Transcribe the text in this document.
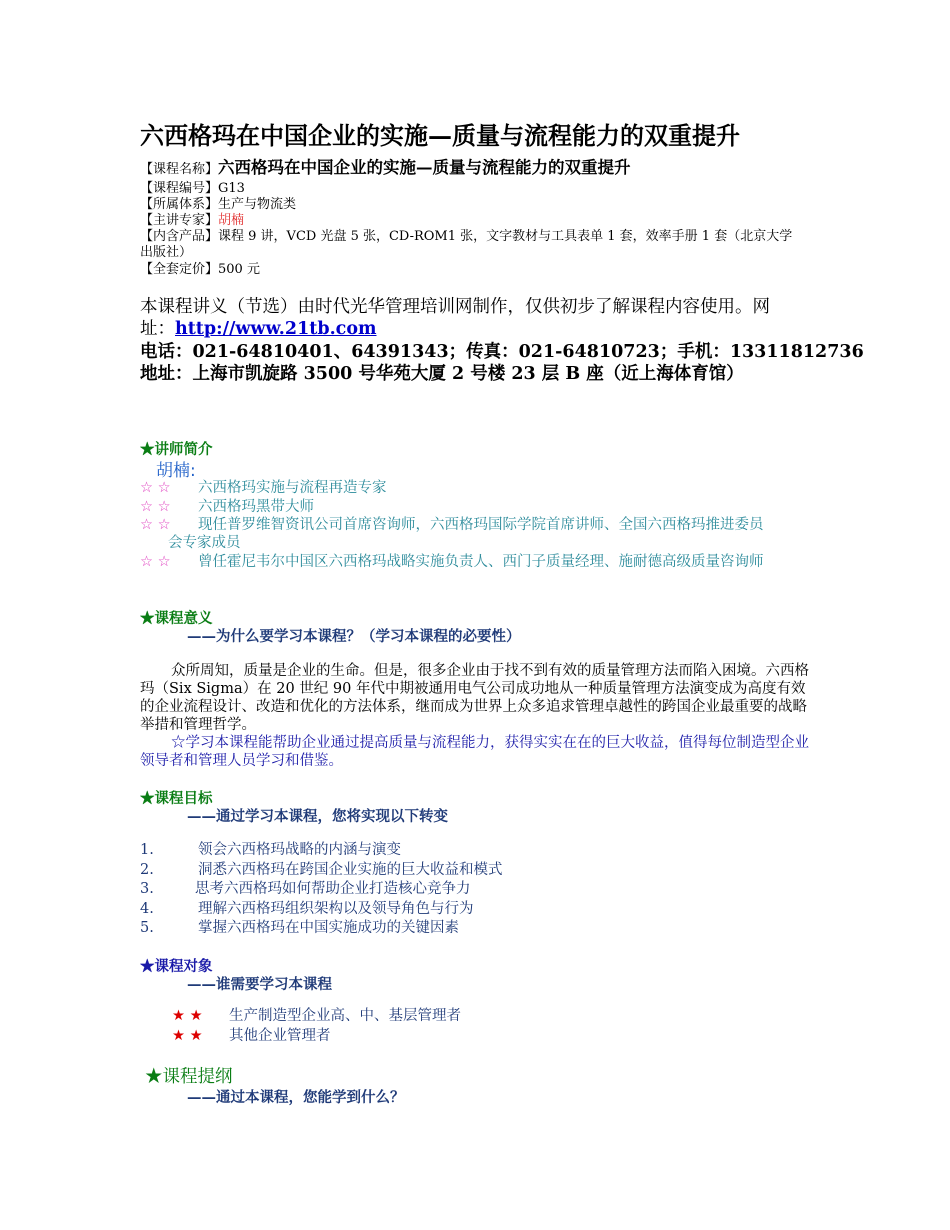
六西格玛在中国企业的实施—质量与流程能力的双重提升
【课程名称】六西格玛在中国企业的实施—质量与流程能力的双重提升
【课程编号】G13
【所属体系】生产与物流类
【主讲专家】胡楠
【内含产品】课程 9 讲，VCD 光盘 5 张，CD-ROM1 张，文字教材与工具表单 1 套，效率手册 1 套（北京大学
出版社）
【全套定价】500 元
本课程讲义（节选）由时代光华管理培训网制作，仅供初步了解课程内容使用。网
址：http://www.21tb.com
电话：021-64810401、64391343；传真：021-64810723；手机：13311812736
地址：上海市凯旋路 3500 号华苑大厦 2 号楼 23 层 B 座（近上海体育馆）
★讲师简介
胡楠:
☆ ☆ 六西格玛实施与流程再造专家
☆ ☆ 六西格玛黑带大师
☆ ☆ 现任普罗维智资讯公司首席咨询师，六西格玛国际学院首席讲师、全国六西格玛推进委员
会专家成员
☆ ☆ 曾任霍尼韦尔中国区六西格玛战略实施负责人、西门子质量经理、施耐德高级质量咨询师
★课程意义
——为什么要学习本课程？（学习本课程的必要性）
众所周知，质量是企业的生命。但是，很多企业由于找不到有效的质量管理方法而陷入困境。六西格玛（Six Sigma）在 20 世纪 90 年代中期被通用电气公司成功地从一种质量管理方法演变成为高度有效的企业流程设计、改造和优化的方法体系，继而成为世界上众多追求管理卓越性的跨国企业最重要的战略举措和管理哲学。
☆学习本课程能帮助企业通过提高质量与流程能力，获得实实在在的巨大收益，值得每位制造型企业领导者和管理人员学习和借鉴。
★课程目标
——通过学习本课程，您将实现以下转变
1.	领会六西格玛战略的内涵与演变
2.	洞悉六西格玛在跨国企业实施的巨大收益和模式
3.	思考六西格玛如何帮助企业打造核心竞争力
4.	理解六西格玛组织架构以及领导角色与行为
5.	掌握六西格玛在中国实施成功的关键因素
★课程对象
——谁需要学习本课程
★ ★ 生产制造型企业高、中、基层管理者
★ ★ 其他企业管理者
★课程提纲
——通过本课程，您能学到什么？
